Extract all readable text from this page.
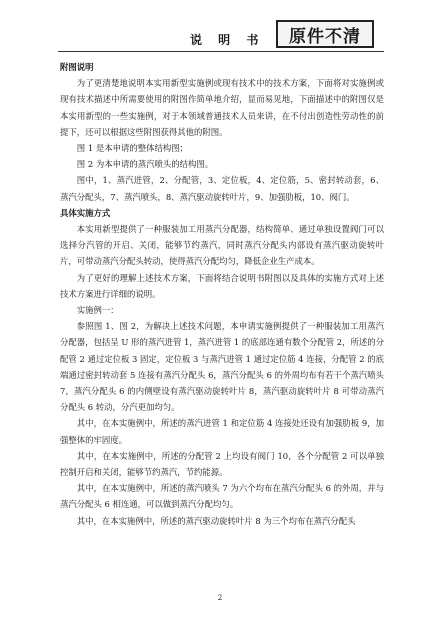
说 明 书	原件不清

附图说明

为了更清楚地说明本实用新型实施例或现有技术中的技术方案，下面将对实施例或现有技术描述中所需要使用的附图作简单地介绍，显而易见地，下面描述中的附图仅是本实用新型的一些实施例，对于本领域普通技术人员来讲，在不付出创造性劳动性的前提下，还可以根据这些附图获得其他的附图。

图 1 是本申请的整体结构图；

图 2 为本申请的蒸汽喷头的结构图。

图中，1、蒸汽进管，2、分配管，3、定位板，4、定位筋，5、密封转动套，6、蒸汽分配头，7、蒸汽喷头，8、蒸汽驱动旋转叶片，9、加强肋板，10、阀门。

具体实施方式

本实用新型提供了一种服装加工用蒸汽分配器，结构简单、通过单独设置阀门可以选择分汽管的开启、关闭，能够节约蒸汽，同时蒸汽分配头内部设有蒸汽驱动旋转叶片，可带动蒸汽分配头转动，使得蒸汽分配均匀，降低企业生产成本。

为了更好的理解上述技术方案，下面将结合说明书附图以及具体的实施方式对上述技术方案进行详细的说明。

实施例一：

参照图 1、图 2，为解决上述技术问题，本申请实施例提供了一种服装加工用蒸汽分配器，包括呈 U 形的蒸汽进管 1，蒸汽进管 1 的底部连通有数个分配管 2，所述的分配管 2 通过定位板 3 固定，定位板 3 与蒸汽进管 1 通过定位筋 4 连接，分配管 2 的底端通过密封转动套 5 连接有蒸汽分配头 6，蒸汽分配头 6 的外周均布有若干个蒸汽喷头 7，蒸汽分配头 6 的内侧壁设有蒸汽驱动旋转叶片 8，蒸汽驱动旋转叶片 8 可带动蒸汽分配头 6 转动，分汽更加均匀。

其中，在本实施例中，所述的蒸汽进管 1 和定位筋 4 连接处还设有加强肋板 9，加强整体的牢固度。

其中，在本实施例中，所述的分配管 2 上均设有阀门 10，各个分配管 2 可以单独控制开启和关闭，能够节约蒸汽，节约能源。

其中，在本实施例中，所述的蒸汽喷头 7 为六个均布在蒸汽分配头 6 的外周，并与蒸汽分配头 6 相连通，可以做到蒸汽分配均匀。

其中，在本实施例中，所述的蒸汽驱动旋转叶片 8 为三个均布在蒸汽分配头

2
